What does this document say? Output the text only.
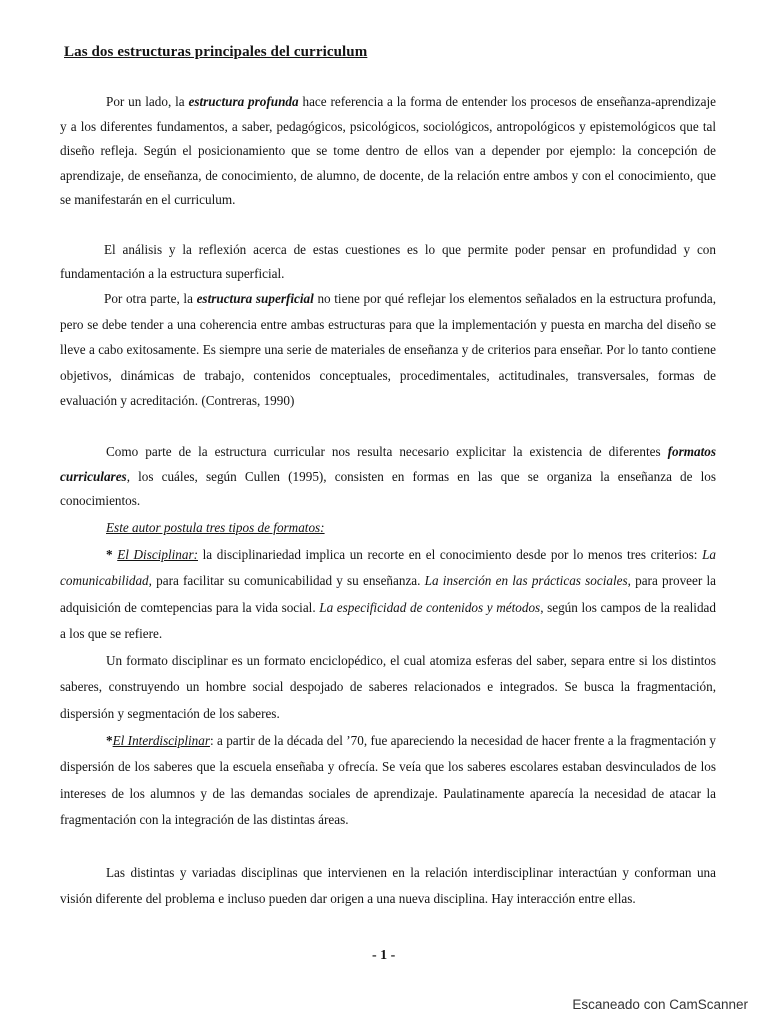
Las dos estructuras principales del curriculum
Por un lado, la estructura profunda hace referencia a la forma de entender los procesos de enseñanza-aprendizaje y a los diferentes fundamentos, a saber, pedagógicos, psicológicos, sociológicos, antropológicos y epistemológicos que tal diseño refleja. Según el posicionamiento que se tome dentro de ellos van a depender por ejemplo: la concepción de aprendizaje, de enseñanza, de conocimiento, de alumno, de docente, de la relación entre ambos y con el conocimiento, que se manifestarán en el curriculum.
El análisis y la reflexión acerca de estas cuestiones es lo que permite poder pensar en profundidad y con fundamentación a la estructura superficial.
Por otra parte, la estructura superficial no tiene por qué reflejar los elementos señalados en la estructura profunda, pero se debe tender a una coherencia entre ambas estructuras para que la implementación y puesta en marcha del diseño se lleve a cabo exitosamente. Es siempre una serie de materiales de enseñanza y de criterios para enseñar. Por lo tanto contiene objetivos, dinámicas de trabajo, contenidos conceptuales, procedimentales, actitudinales, transversales, formas de evaluación y acreditación. (Contreras, 1990)
Como parte de la estructura curricular nos resulta necesario explicitar la existencia de diferentes formatos curriculares, los cuáles, según Cullen (1995), consisten en formas en las que se organiza la enseñanza de los conocimientos.
Este autor postula tres tipos de formatos:
* El Disciplinar: la disciplinariedad implica un recorte en el conocimiento desde por lo menos tres criterios: La comunicabilidad, para facilitar su comunicabilidad y su enseñanza. La inserción en las prácticas sociales, para proveer la adquisición de comtepencias para la vida social. La especificidad de contenidos y métodos, según los campos de la realidad a los que se refiere.
Un formato disciplinar es un formato enciclopédico, el cual atomiza esferas del saber, separa entre si los distintos saberes, construyendo un hombre social despojado de saberes relacionados e integrados. Se busca la fragmentación, dispersión y segmentación de los saberes.
*El Interdisciplinar: a partir de la década del ’70, fue apareciendo la necesidad de hacer frente a la fragmentación y dispersión de los saberes que la escuela enseñaba y ofrecía. Se veía que los saberes escolares estaban desvinculados de los intereses de los alumnos y de las demandas sociales de aprendizaje. Paulatinamente aparecía la necesidad de atacar la fragmentación con la integración de las distintas áreas.
Las distintas y variadas disciplinas que intervienen en la relación interdisciplinar interactúan y conforman una visión diferente del problema e incluso pueden dar origen a una nueva disciplina. Hay interacción entre ellas.
- 1 -
Escaneado con CamScanner
